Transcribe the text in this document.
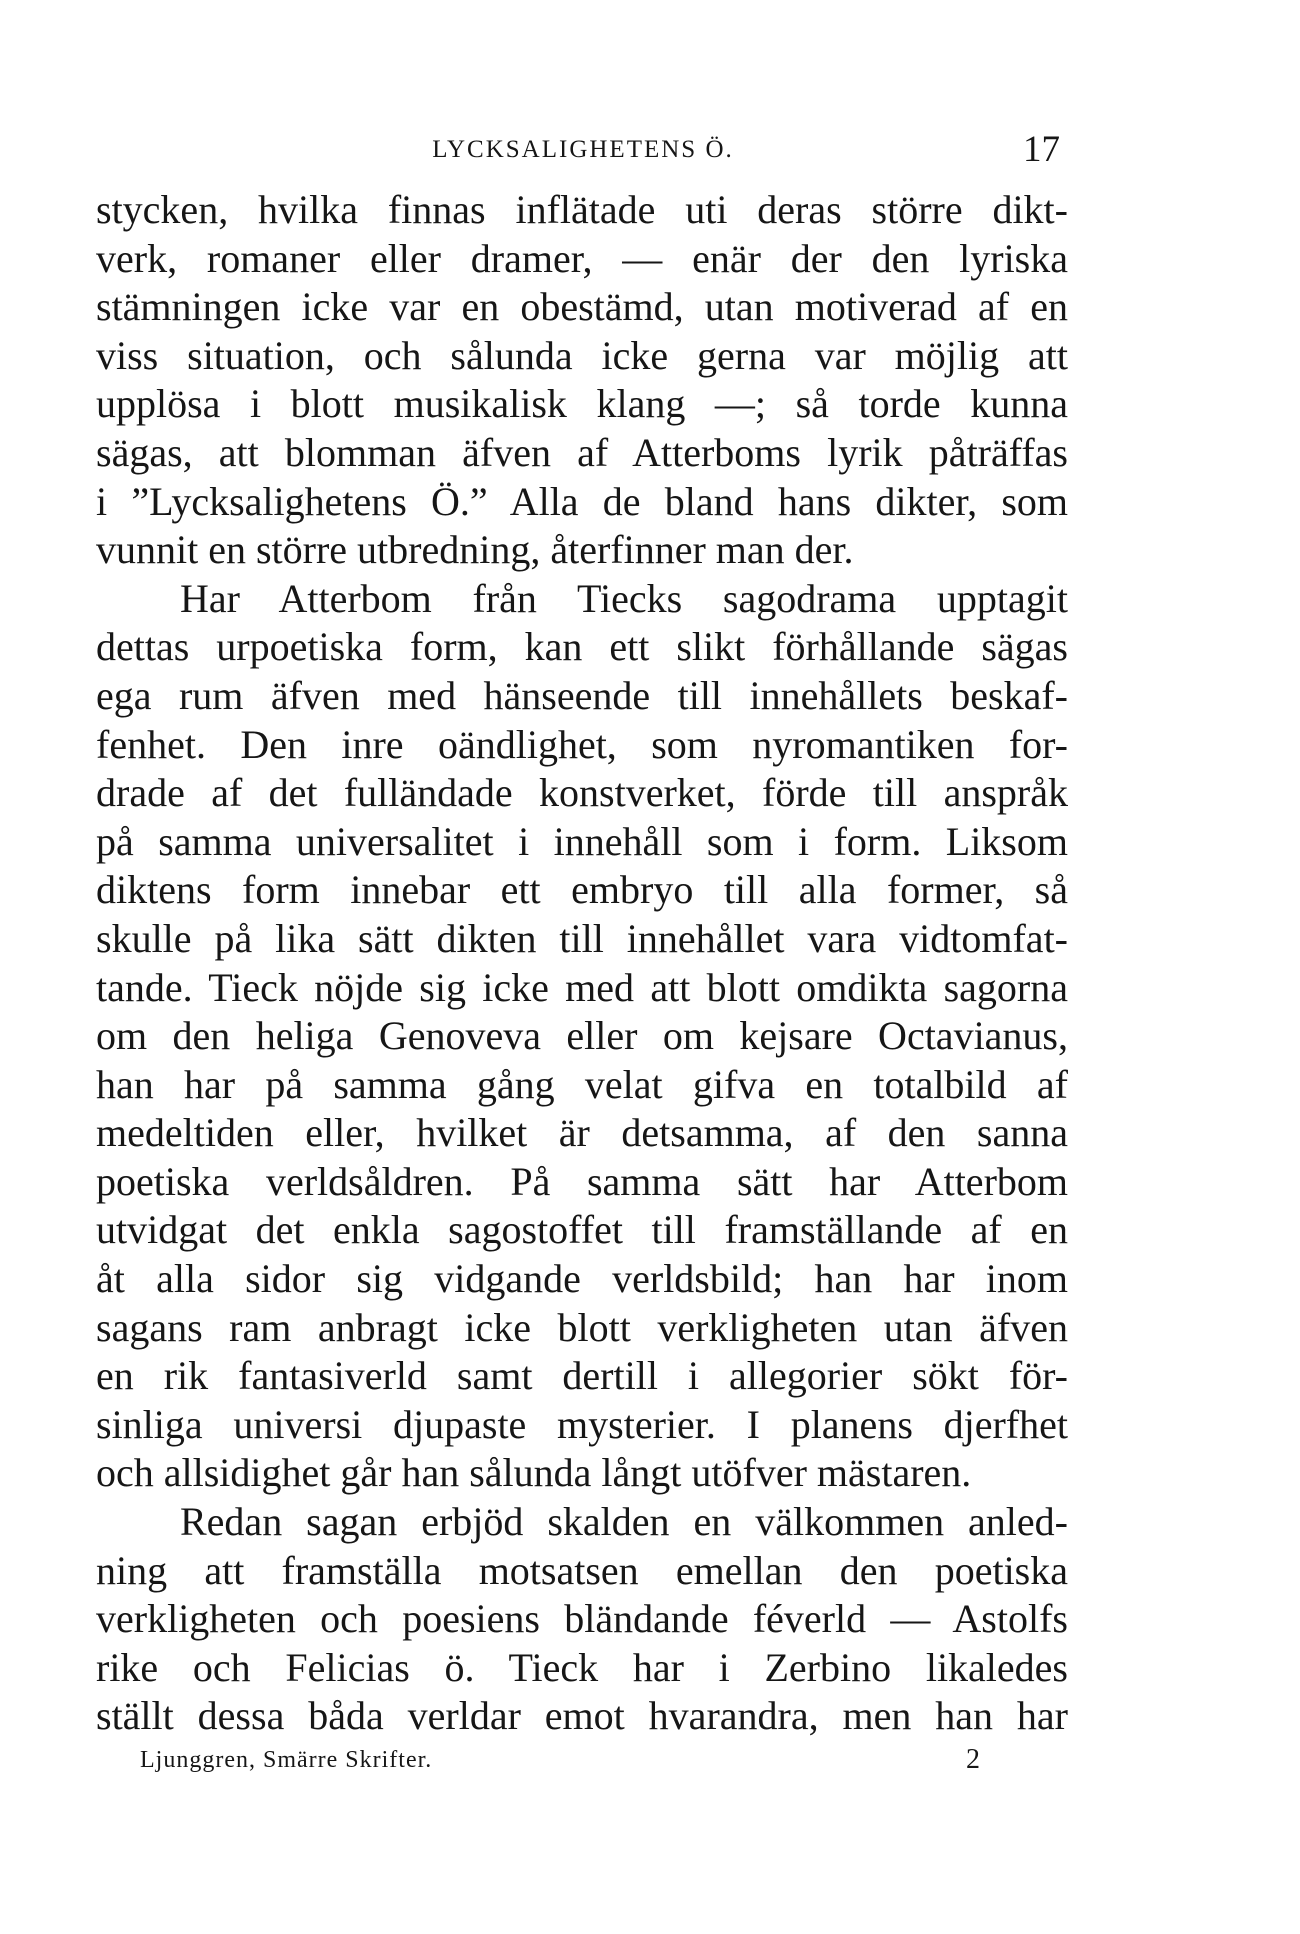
LYCKSALIGHETENS Ö.	17
stycken, hvilka finnas inflätade uti deras större dikt-
verk, romaner eller dramer, — enär der den lyriska
stämningen icke var en obestämd, utan motiverad af en
viss situation, och sålunda icke gerna var möjlig att
upplösa i blott musikalisk klang —; så torde kunna
sägas, att blomman äfven af Atterboms lyrik påträffas
i ”Lycksalighetens Ö.” Alla de bland hans dikter, som
vunnit en större utbredning, återfinner man der.
Har Atterbom från Tiecks sagodrama upptagit
dettas urpoetiska form, kan ett slikt förhållande sägas
ega rum äfven med hänseende till innehållets beskaf-
fenhet. Den inre oändlighet, som nyromantiken for-
drade af det fulländade konstverket, förde till anspråk
på samma universalitet i innehåll som i form. Liksom
diktens form innebar ett embryo till alla former, så
skulle på lika sätt dikten till innehållet vara vidtomfat-
tande. Tieck nöjde sig icke med att blott omdikta sagorna
om den heliga Genoveva eller om kejsare Octavianus,
han har på samma gång velat gifva en totalbild af
medeltiden eller, hvilket är detsamma, af den sanna
poetiska verldsåldren. På samma sätt har Atterbom
utvidgat det enkla sagostoffet till framställande af en
åt alla sidor sig vidgande verldsbild; han har inom
sagans ram anbragt icke blott verkligheten utan äfven
en rik fantasiverld samt dertill i allegorier sökt för-
sinliga universi djupaste mysterier. I planens djerfhet
och allsidighet går han sålunda långt utöfver mästaren.
Redan sagan erbjöd skalden en välkommen anled-
ning att framställa motsatsen emellan den poetiska
verkligheten och poesiens bländande féverld — Astolfs
rike och Felicias ö. Tieck har i Zerbino likaledes
ställt dessa båda verldar emot hvarandra, men han har
Ljunggren, Smärre Skrifter.	2
